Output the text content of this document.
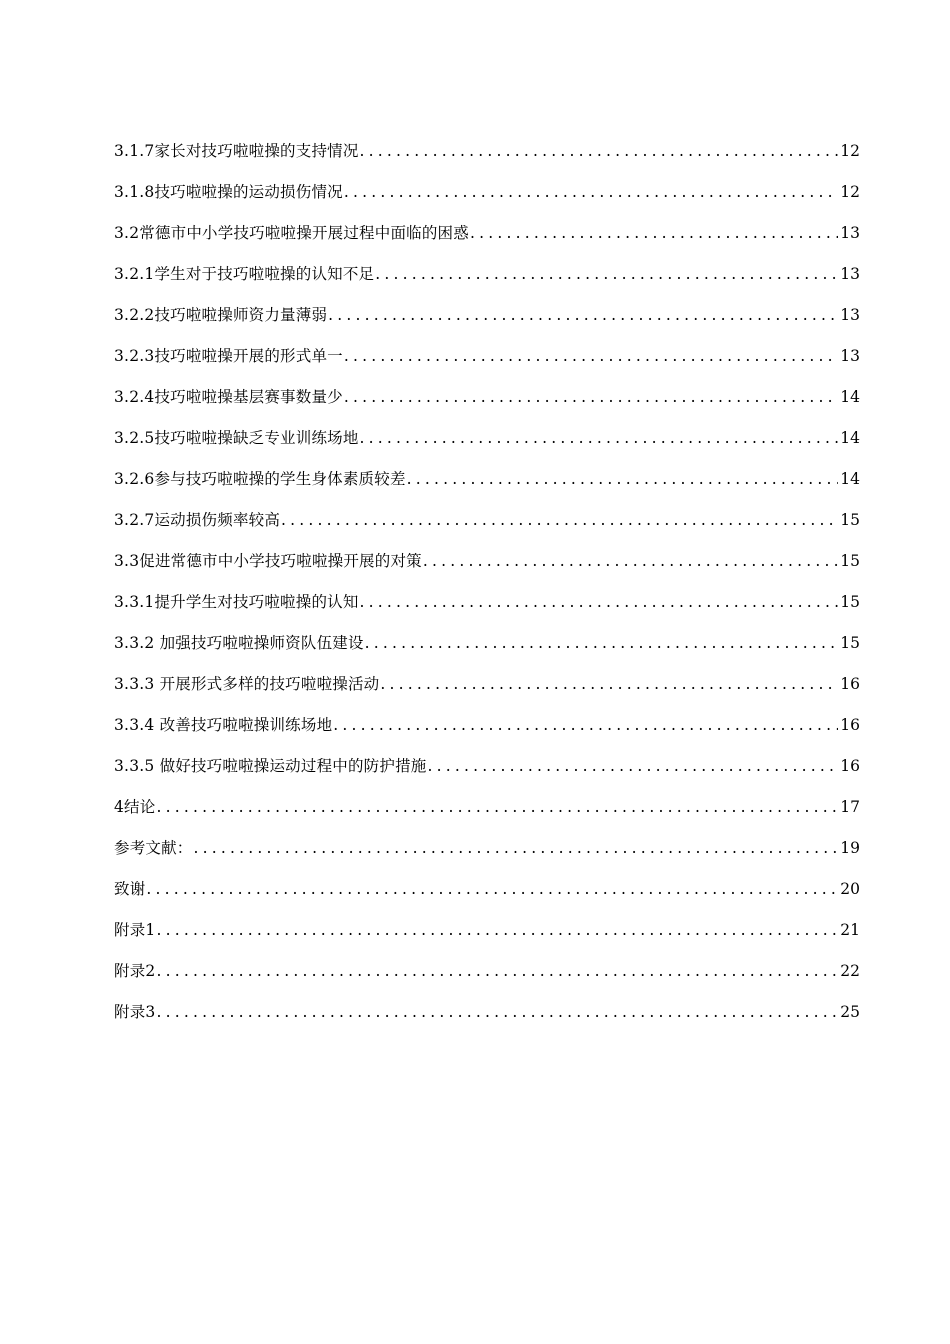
3.1.7家长对技巧啦啦操的支持情况 .....	12
3.1.8技巧啦啦操的运动损伤情况 .....	12
3.2常德市中小学技巧啦啦操开展过程中面临的困惑 .....	13
3.2.1学生对于技巧啦啦操的认知不足 .....	13
3.2.2技巧啦啦操师资力量薄弱 .....	13
3.2.3技巧啦啦操开展的形式单一 .....	13
3.2.4技巧啦啦操基层赛事数量少 .....	14
3.2.5技巧啦啦操缺乏专业训练场地 .....	14
3.2.6参与技巧啦啦操的学生身体素质较差 .....	14
3.2.7运动损伤频率较高 .....	15
3.3促进常德市中小学技巧啦啦操开展的对策 .....	15
3.3.1提升学生对技巧啦啦操的认知 .....	15
3.3.2 加强技巧啦啦操师资队伍建设 .....	15
3.3.3 开展形式多样的技巧啦啦操活动 .....	16
3.3.4 改善技巧啦啦操训练场地 .....	16
3.3.5 做好技巧啦啦操运动过程中的防护措施 .....	16
4结论 .....	17
参考文献： .....	19
致谢 .....	20
附录1 .....	21
附录2 .....	22
附录3 .....	25
